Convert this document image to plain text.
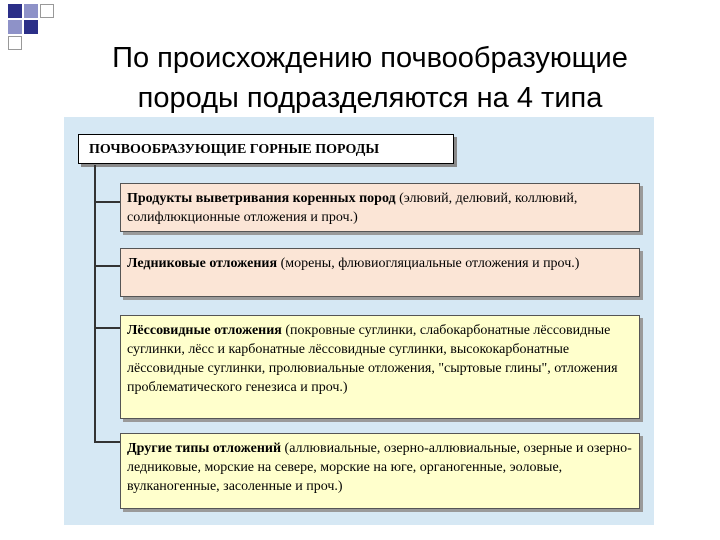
По происхождению почвообразующие
породы подразделяются на 4 типа
ПОЧВООБРАЗУЮЩИЕ ГОРНЫЕ ПОРОДЫ
Продукты выветривания коренных пород (элювий, делювий, коллювий, солифлюкционные отложения и проч.)
Ледниковые отложения (морены, флювиогляциальные отложения и проч.)
Лёссовидные отложения (покровные суглинки, слабокарбонатные лёссовидные суглинки, лёсс и карбонатные лёссовидные суглинки, высококарбонатные лёссовидные суглинки, пролювиальные отложения, "сыртовые глины", отложения проблематического генезиса и проч.)
Другие типы отложений (аллювиальные, озерно-аллювиальные, озерные и озерно-ледниковые, морские на севере, морские на юге, органогенные, эоловые, вулканогенные, засоленные и проч.)
